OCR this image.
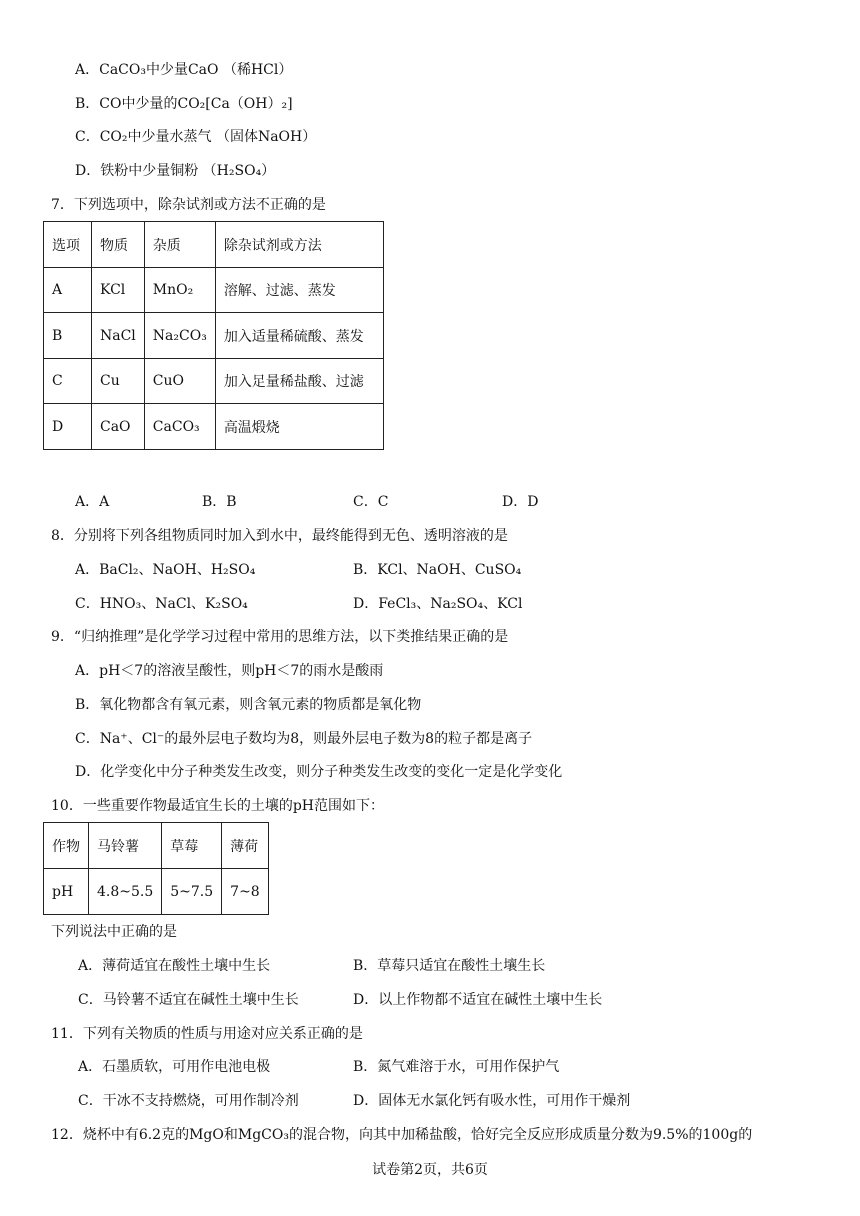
A．CaCO₃中少量CaO （稀HCl）
B．CO中少量的CO₂[Ca（OH）₂]
C．CO₂中少量水蒸气 （固体NaOH）
D．铁粉中少量铜粉 （H₂SO₄）
7．下列选项中，除杂试剂或方法不正确的是
选项	物质	杂质	除杂试剂或方法
A	KCl	MnO₂	溶解、过滤、蒸发
B	NaCl	Na₂CO₃	加入适量稀硫酸、蒸发
C	Cu	CuO	加入足量稀盐酸、过滤
D	CaO	CaCO₃	高温煅烧
A．A	B．B	C．C	D．D
8．分别将下列各组物质同时加入到水中，最终能得到无色、透明溶液的是
A．BaCl₂、NaOH、H₂SO₄	B．KCl、NaOH、CuSO₄
C．HNO₃、NaCl、K₂SO₄	D．FeCl₃、Na₂SO₄、KCl
9．“归纳推理”是化学学习过程中常用的思维方法，以下类推结果正确的是
A．pH＜7的溶液呈酸性，则pH＜7的雨水是酸雨
B．氧化物都含有氧元素，则含氧元素的物质都是氧化物
C．Na⁺、Cl⁻的最外层电子数均为8，则最外层电子数为8的粒子都是离子
D．化学变化中分子种类发生改变，则分子种类发生改变的变化一定是化学变化
10．一些重要作物最适宜生长的土壤的pH范围如下：
作物	马铃薯	草莓	薄荷
pH	4.8~5.5	5~7.5	7~8
下列说法中正确的是
A．薄荷适宜在酸性土壤中生长	B．草莓只适宜在酸性土壤生长
C．马铃薯不适宜在碱性土壤中生长	D．以上作物都不适宜在碱性土壤中生长
11．下列有关物质的性质与用途对应关系正确的是
A．石墨质软，可用作电池电极	B．氮气难溶于水，可用作保护气
C．干冰不支持燃烧，可用作制冷剂	D．固体无水氯化钙有吸水性，可用作干燥剂
12．烧杯中有6.2克的MgO和MgCO₃的混合物，向其中加稀盐酸，恰好完全反应形成质量分数为9.5%的100g的
试卷第2页，共6页
